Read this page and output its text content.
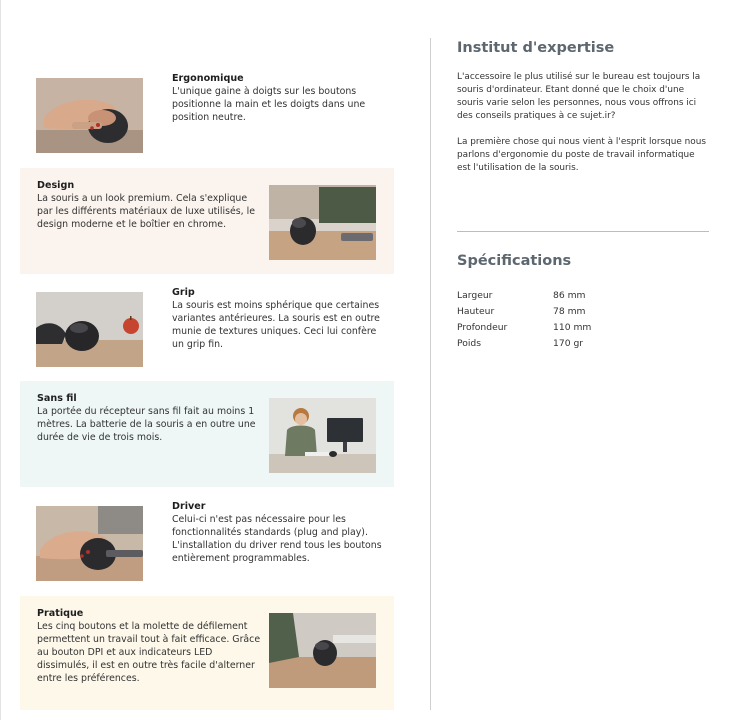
Ergonomique

L'unique gaine à doigts sur les boutons positionne la main et les doigts dans une position neutre.

Design

La souris a un look premium. Cela s'explique par les différents matériaux de luxe utilisés, le design moderne et le boîtier en chrome.

Grip

La souris est moins sphérique que certaines variantes antérieures. La souris est en outre munie de textures uniques. Ceci lui confère un grip fin.

Sans fil

La portée du récepteur sans fil fait au moins 1 mètres. La batterie de la souris a en outre une durée de vie de trois mois.

Driver

Celui-ci n'est pas nécessaire pour les fonctionnalités standards (plug and play). L'installation du driver rend tous les boutons entièrement programmables.

Pratique

Les cinq boutons et la molette de défilement permettent un travail tout à fait efficace. Grâce au bouton DPI et aux indicateurs LED dissimulés, il est en outre très facile d'alterner entre les préférences.

Institut d'expertise

L'accessoire le plus utilisé sur le bureau est toujours la souris d'ordinateur. Etant donné que le choix d'une souris varie selon les personnes, nous vous offrons ici des conseils pratiques à ce sujet.ir?

La première chose qui nous vient à l'esprit lorsque nous parlons d'ergonomie du poste de travail informatique est l'utilisation de la souris.

Spécifications
Largeur	86 mm
Hauteur	78 mm
Profondeur	110 mm
Poids	170 gr
